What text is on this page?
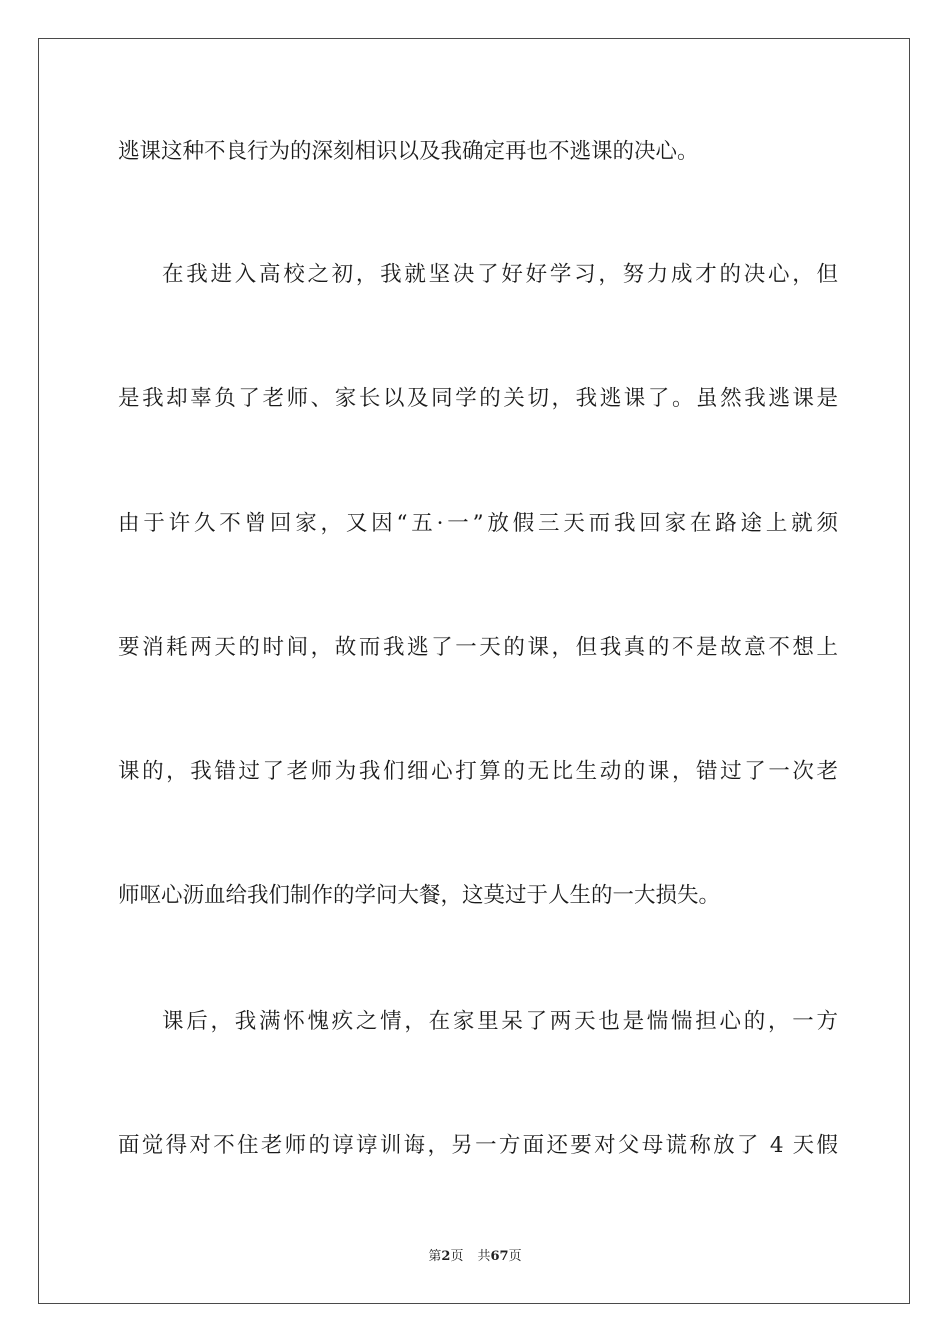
逃课这种不良行为的深刻相识以及我确定再也不逃课的决心。
在我进入高校之初，我就坚决了好好学习，努力成才的决心，但
是我却辜负了老师、家长以及同学的关切，我逃课了。虽然我逃课是
由于许久不曾回家，又因“五·一”放假三天而我回家在路途上就须
要消耗两天的时间，故而我逃了一天的课，但我真的不是故意不想上
课的，我错过了老师为我们细心打算的无比生动的课，错过了一次老
师呕心沥血给我们制作的学问大餐，这莫过于人生的一大损失。
课后，我满怀愧疚之情，在家里呆了两天也是惴惴担心的，一方
面觉得对不住老师的谆谆训诲，另一方面还要对父母谎称放了 4 天假
第2页 共67页
